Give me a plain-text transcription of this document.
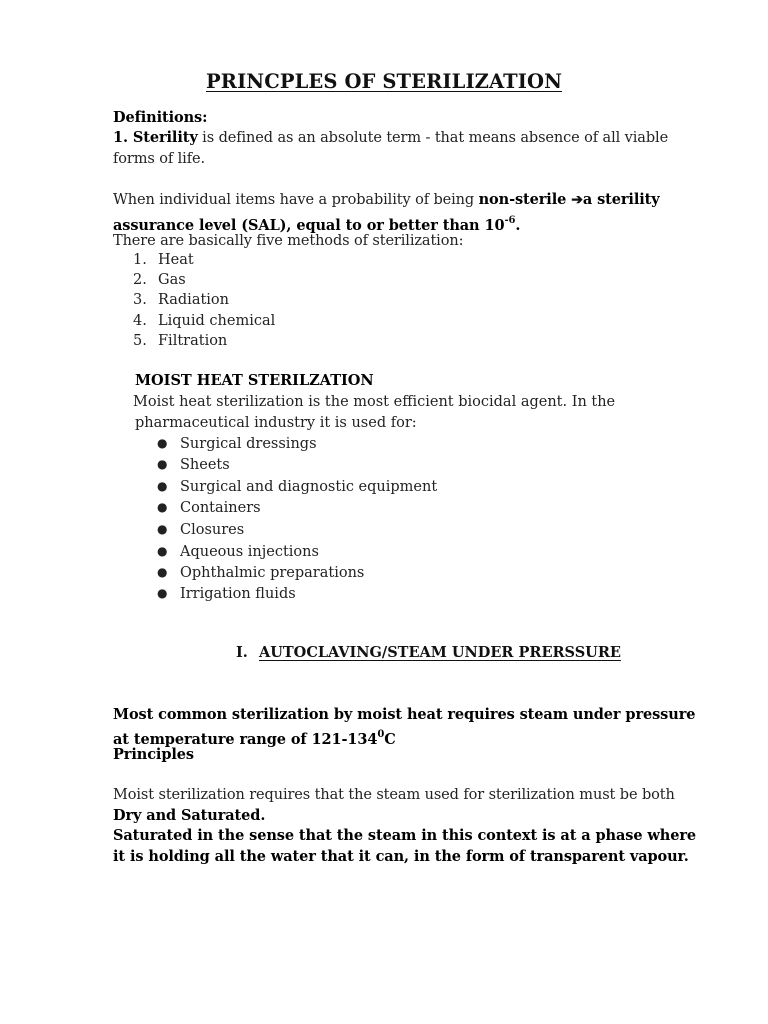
PRINCPLES OF STERILIZATION
Definitions:
1. Sterility is defined as an absolute term - that means absence of all viable
forms of life.
When individual items have a probability of being non-sterile ➔a sterility
assurance level (SAL), equal to or better than $10^{-6}$.
There are basically five methods of sterilization:
1. Heat
2. Gas
3. Radiation
4. Liquid chemical
5. Filtration
MOIST HEAT STERILZATION
Moist heat sterilization is the most efficient biocidal agent. In the
pharmaceutical industry it is used for:
● Surgical dressings
● Sheets
● Surgical and diagnostic equipment
● Containers
● Closures
● Aqueous injections
● Ophthalmic preparations
● Irrigation fluids
I. AUTOCLAVING/STEAM UNDER PRERSSURE
Most common sterilization by moist heat requires steam under pressure
at temperature range of $121-134^0C$
Principles
Moist sterilization requires that the steam used for sterilization must be both
Dry and Saturated.
Saturated in the sense that the steam in this context is at a phase where
it is holding all the water that it can, in the form of transparent vapour.
